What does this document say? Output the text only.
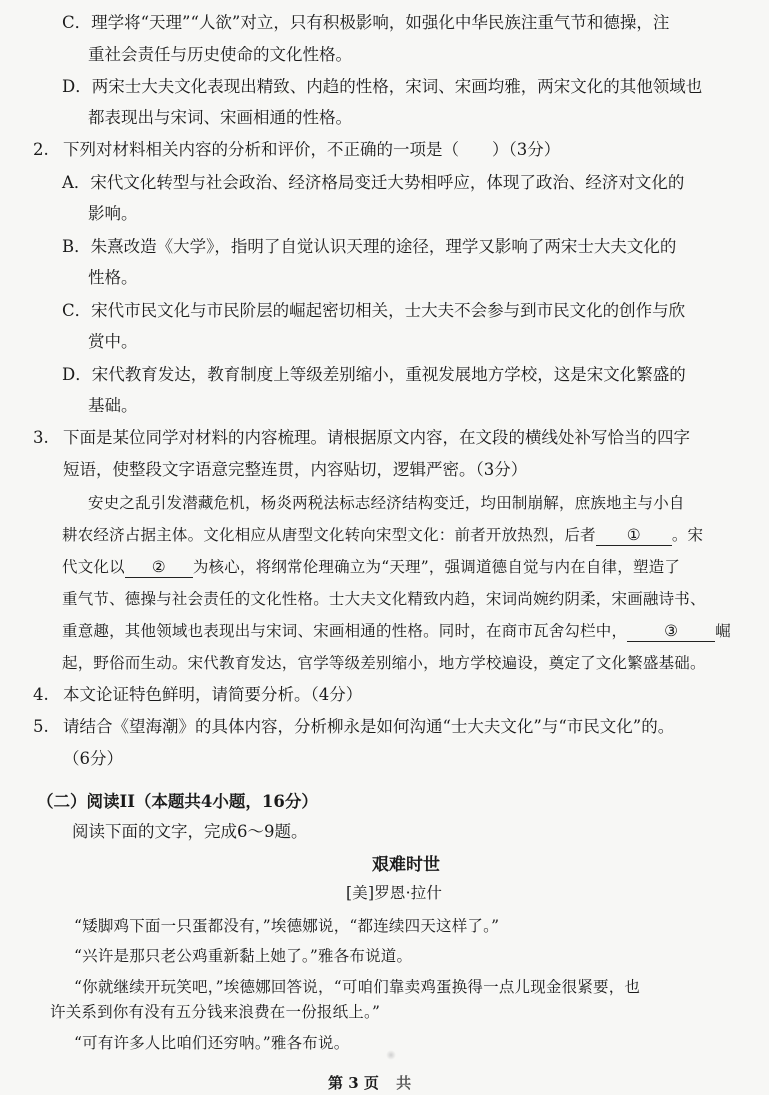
C．理学将“天理”“人欲”对立，只有积极影响，如强化中华民族注重气节和德操，注
重社会责任与历史使命的文化性格。
D．两宋士大夫文化表现出精致、内趋的性格，宋词、宋画均雅，两宋文化的其他领域也
都表现出与宋词、宋画相通的性格。
2. 下列对材料相关内容的分析和评价，不正确的一项是（　　）（3分）
A．宋代文化转型与社会政治、经济格局变迁大势相呼应，体现了政治、经济对文化的
影响。
B．朱熹改造《大学》，指明了自觉认识天理的途径，理学又影响了两宋士大夫文化的
性格。
C．宋代市民文化与市民阶层的崛起密切相关，士大夫不会参与到市民文化的创作与欣
赏中。
D．宋代教育发达，教育制度上等级差别缩小，重视发展地方学校，这是宋文化繁盛的
基础。
3. 下面是某位同学对材料的内容梳理。请根据原文内容，在文段的横线处补写恰当的四字
短语，使整段文字语意完整连贯，内容贴切，逻辑严密。（3分）
安史之乱引发潜藏危机，杨炎两税法标志经济结构变迁，均田制崩解，庶族地主与小自
耕农经济占据主体。文化相应从唐型文化转向宋型文化：前者开放热烈，后者 ① 。宋
代文化以 ② 为核心，将纲常伦理确立为“天理”，强调道德自觉与内在自律，塑造了
重气节、德操与社会责任的文化性格。士大夫文化精致内趋，宋词尚婉约阴柔，宋画融诗书、
重意趣，其他领域也表现出与宋词、宋画相通的性格。同时，在商市瓦舍勾栏中， ③ 崛
起，野俗而生动。宋代教育发达，官学等级差别缩小，地方学校遍设，奠定了文化繁盛基础。
4. 本文论证特色鲜明，请简要分析。（4分）
5. 请结合《望海潮》的具体内容，分析柳永是如何沟通“士大夫文化”与“市民文化”的。
（6分）
（二）阅读II（本题共4小题，16分）
阅读下面的文字，完成6～9题。
艰难时世
[美]罗恩·拉什
“矮脚鸡下面一只蛋都没有，”埃德娜说，“都连续四天这样了。”
“兴许是那只老公鸡重新黏上她了。”雅各布说道。
“你就继续开玩笑吧，”埃德娜回答说，“可咱们靠卖鸡蛋换得一点儿现金很紧要，也
许关系到你有没有五分钱来浪费在一份报纸上。”
“可有许多人比咱们还穷呐。”雅各布说。
第 3 页 共
